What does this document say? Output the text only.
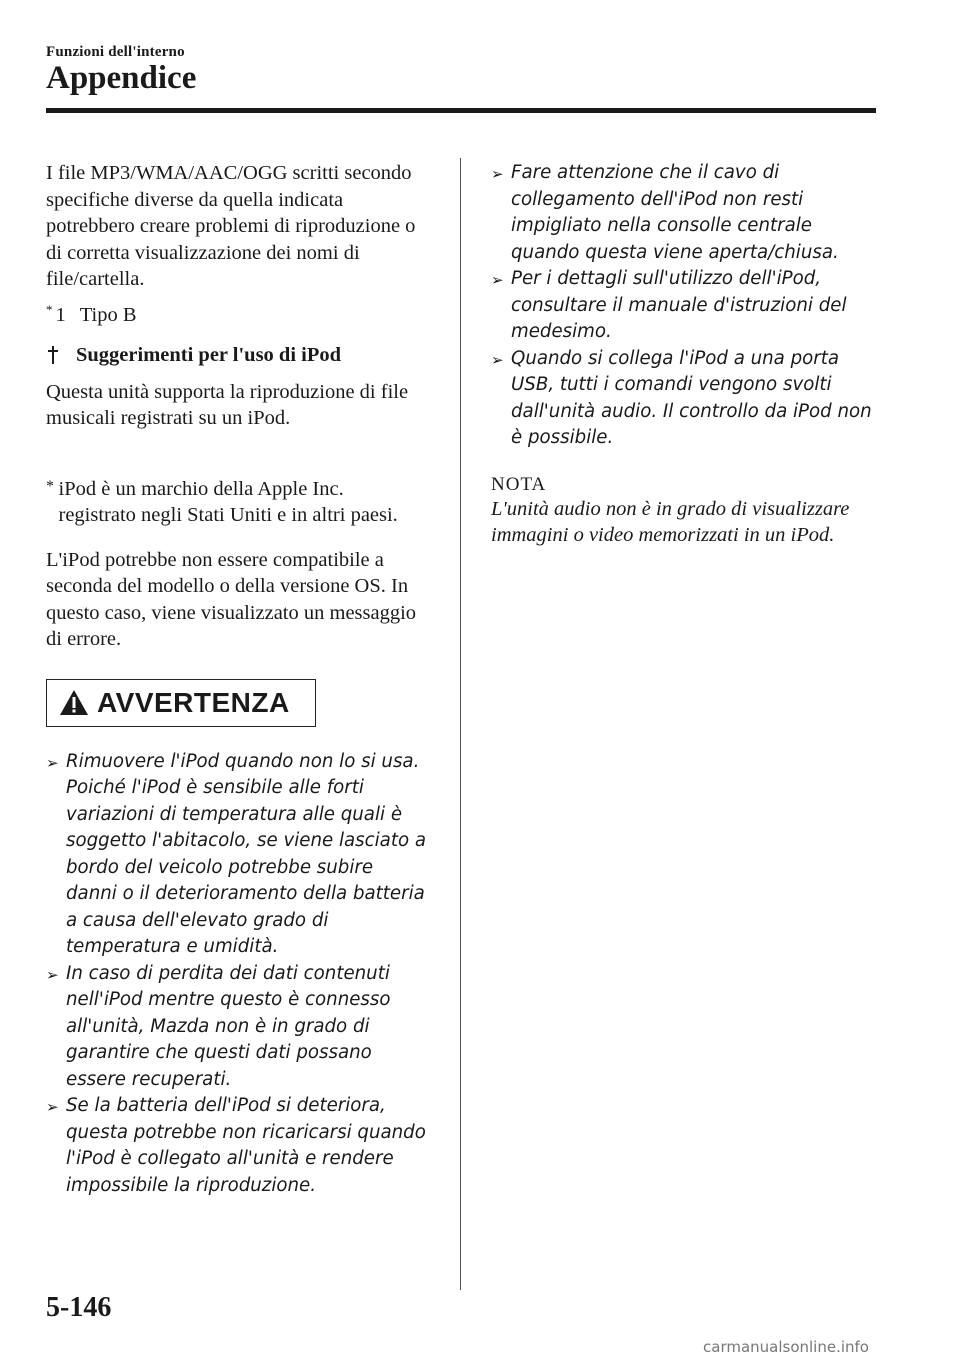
Funzioni dell'interno
Appendice

I file MP3/WMA/AAC/OGG scritti secondo specifiche diverse da quella indicata potrebbero creare problemi di riproduzione o di corretta visualizzazione dei nomi di file/cartella.

* 1 Tipo B
Suggerimenti per l'uso di iPod

Questa unità supporta la riproduzione di file musicali registrati su un iPod.

* iPod è un marchio della Apple Inc. registrato negli Stati Uniti e in altri paesi.

L'iPod potrebbe non essere compatibile a seconda del modello o della versione OS. In questo caso, viene visualizzato un messaggio di errore.

AVVERTENZA
➢ Rimuovere l'iPod quando non lo si usa. Poiché l'iPod è sensibile alle forti variazioni di temperatura alle quali è soggetto l'abitacolo, se viene lasciato a bordo del veicolo potrebbe subire danni o il deterioramento della batteria a causa dell'elevato grado di temperatura e umidità.
➢ In caso di perdita dei dati contenuti nell'iPod mentre questo è connesso all'unità, Mazda non è in grado di garantire che questi dati possano essere recuperati.
➢ Se la batteria dell'iPod si deteriora, questa potrebbe non ricaricarsi quando l'iPod è collegato all'unità e rendere impossibile la riproduzione.
➢ Fare attenzione che il cavo di collegamento dell'iPod non resti impigliato nella consolle centrale quando questa viene aperta/chiusa.
➢ Per i dettagli sull'utilizzo dell'iPod, consultare il manuale d'istruzioni del medesimo.
➢ Quando si collega l'iPod a una porta USB, tutti i comandi vengono svolti dall'unità audio. Il controllo da iPod non è possibile.
NOTA
L'unità audio non è in grado di visualizzare immagini o video memorizzati in un iPod.
5-146
carmanualsonline.info
